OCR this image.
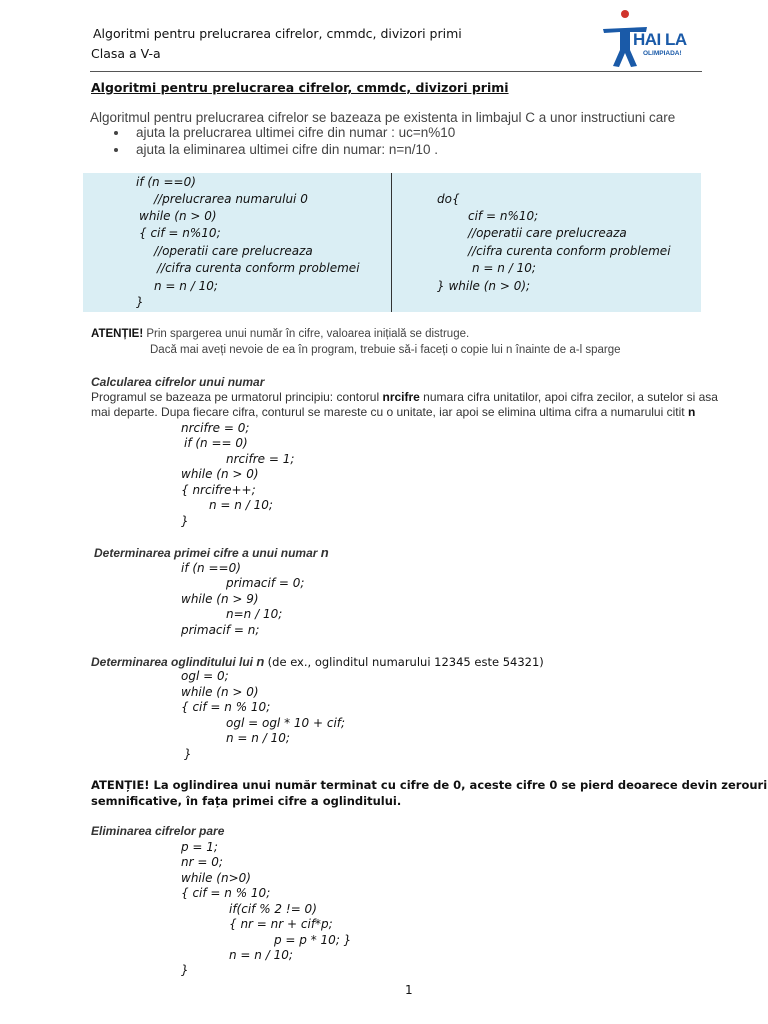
Algoritmi pentru prelucrarea cifrelor, cmmdc, divizori primi
Clasa a V-a
HAI LA
OLIMPIADA!
Algoritmi pentru prelucrarea cifrelor, cmmdc, divizori primi
Algoritmul pentru prelucrarea cifrelor se bazeaza pe existenta in limbajul C a unor instructiuni care
ajuta la prelucrarea ultimei cifre din numar : uc=n%10
ajuta la eliminarea ultimei cifre din numar: n=n/10 .
if (n ==0)
//prelucrarea numarului 0
while (n > 0)
{ cif = n%10;
//operatii care prelucreaza
//cifra curenta conform problemei
n = n / 10;
}
do{
cif = n%10;
//operatii care prelucreaza
//cifra curenta conform problemei
n = n / 10;
} while (n > 0);
ATENȚIE! Prin spargerea unui număr în cifre, valoarea inițială se distruge.
Dacă mai aveți nevoie de ea în program, trebuie să-i faceți o copie lui n înainte de a-l sparge
Calcularea cifrelor unui numar
Programul se bazeaza pe urmatorul principiu: contorul nrcifre numara cifra unitatilor, apoi cifra zecilor, a sutelor si asa
mai departe. Dupa fiecare cifra, conturul se mareste cu o unitate, iar apoi se elimina ultima cifra a numarului citit n
nrcifre = 0;
if (n == 0)
nrcifre = 1;
while (n > 0)
{ nrcifre++;
n = n / 10;
}
Determinarea primei cifre a unui numar n
if (n ==0)
primacif = 0;
while (n > 9)
n=n / 10;
primacif = n;
Determinarea oglinditului lui n (de ex., oglinditul numarului 12345 este 54321)
ogl = 0;
while (n > 0)
{ cif = n % 10;
ogl = ogl * 10 + cif;
n = n / 10;
}
ATENȚIE! La oglindirea unui număr terminat cu cifre de 0, aceste cifre 0 se pierd deoarece devin zerouri
semnificative, în fața primei cifre a oglinditului.
Eliminarea cifrelor pare
p = 1;
nr = 0;
while (n>0)
{ cif = n % 10;
if(cif % 2 != 0)
{ nr = nr + cif*p;
p = p * 10; }
n = n / 10;
}
1
